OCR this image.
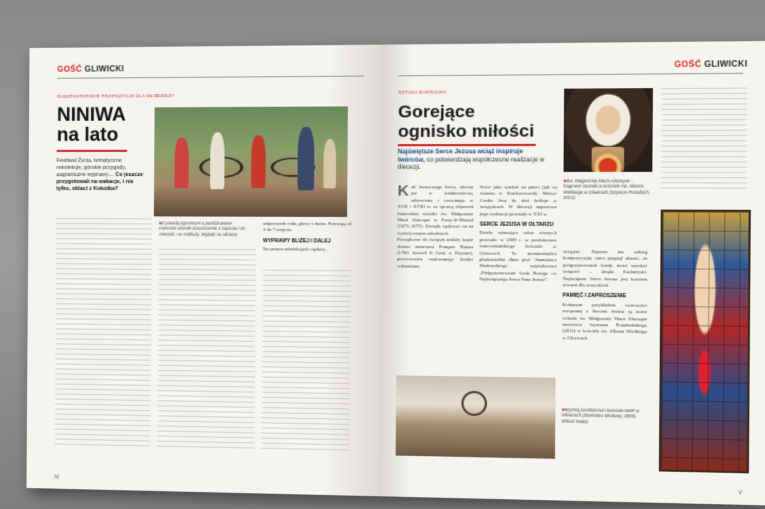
GOŚĆ GLIWICKI
DUSZPASTERSKIE PROPOZYCJE DLA MŁODZIEŻY
NINIWA
na lato
Festiwal Życia, tematyczne rekolekcje, górskie przygody, zagraniczne wyprawy… Co jeszcze przygotowali na wakacje, i nie tylko, oblaci z Kokotka?
■ Z prawdą ogromnym a podróżowanie rowerami wszedł oczyszczenie z zapisów i do Ameryki, I w Andiluży. Wyjady na Ukrainę.
odpoczynek ciała, głowy i ducha. Potrwają od 2 do 7 sierpnia.
WYPRAWY BLIŻEJ I DALEJ
Na samym rekolekcjach ciężkiej…
IV
GOŚĆ GLIWICKI
SZTUKA SAKRALNA
Gorejące
ognisko miłości
Najświętsze Serce Jezusa wciąż inspiruje twórców, co potwierdzają współczesne realizacje w diecezji.
■ Św. Małgorzata Maria Alacoque – fragment mozaiki w kościele św. Alberta Wielkiego w Gliwicach (Szymon Prandzich, 2012).
K ult Jezusowego Serca, obecny już w średniowieczu, odnowiony i rozwinięty w XVII i XVIII w. za sprawą objawień francuskiej wizytki św. Małgorzaty Marii Alacoque w Paray-le-Monial (1673–1675). Zaczęło wpływać on na wystrój wnętrz sakralnych.
Początkowo do świątyń trafiały kopie obrazu autorstwa Pompeo Batoni (1760, kościół Il Gesù w Rzymie), pierwowzoru malowanego kiedyś wzbraniano
Serce jako symbol na piersi (jak na witrażu w Karchowicach). Motyw Cordis Jesu do dziś króluje w świątyniach. W diecezji najnowsze jego realizacje powstały w XXI w.
SERCE JEZUSA W OŁTARZU
Dzieło niemające sobie równych powstało w 2009 r. w prezbiterium franciszkańskiego kościoła w Gliwicach. To monumentalna płaskorzeźba dłuta prof. Stanisława Słodowskiego zatytułowana „Pielgrzymowanie Ludu Bożego do Najświętszego Serca Pana Jezusa”.
świątyni. Poprzez ten zabieg kompozycyjny autor pragnął ukazać, że pielgrzymowanie każdy może uzyskać świętość – dzięki Eucharystii. Najświętsze Serce Jezusa jest bowiem otwarte dla wszystkich.
PAMIĘĆ I ZAPROSZENIE
Kolejnym przykładem twórczości związanej z Sercem Jezusa są nowe witraże św. Małgorzaty Marii Alacoque autorstwa Szymona Prandzińskiego (2012) w kościele św. Alberta Wielkiego w Gliwicach.
■ Wystrój prezbiterium kościoła NMP w Gliwicach (Stanisław Słodowy, 2009). Witraż święty
V
